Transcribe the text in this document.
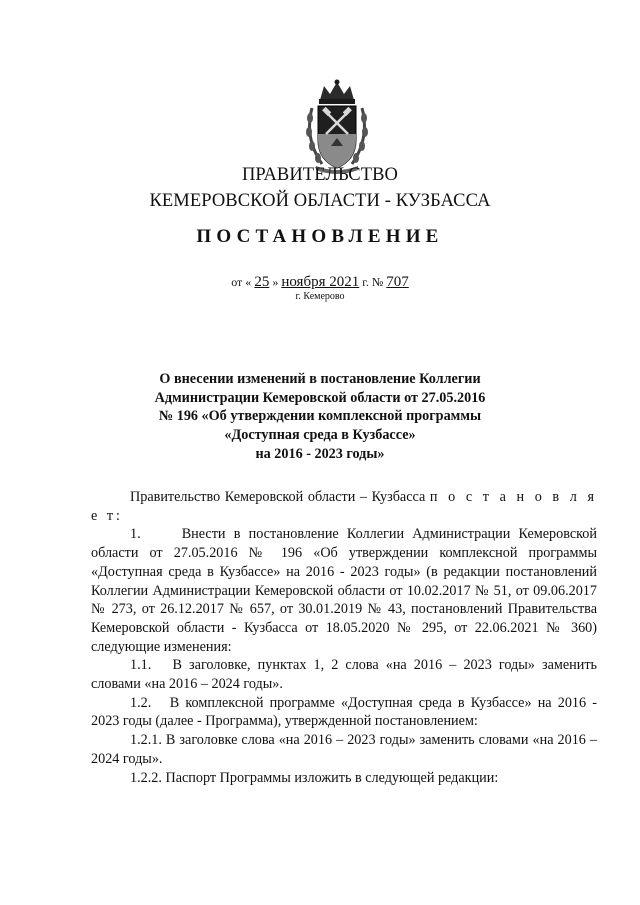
ПРАВИТЕЛЬСТВО
КЕМЕРОВСКОЙ ОБЛАСТИ - КУЗБАССА
ПОСТАНОВЛЕНИЕ
от « 25 » ноября 2021 г. № 707
г. Кемерово
О внесении изменений в постановление Коллегии
Администрации Кемеровской области от 27.05.2016
№ 196 «Об утверждении комплексной программы
«Доступная среда в Кузбассе»
на 2016 - 2023 годы»

Правительство Кемеровской области – Кузбасса п о с т а н о в л я е т:

1.     Внести в постановление Коллегии Администрации Кемеровской области от 27.05.2016 № 196 «Об утверждении комплексной программы «Доступная среда в Кузбассе» на 2016 - 2023 годы» (в редакции постановлений Коллегии Администрации Кемеровской области от 10.02.2017 № 51, от 09.06.2017 № 273, от 26.12.2017 № 657, от 30.01.2019 № 43, постановлений Правительства Кемеровской области - Кузбасса от 18.05.2020 № 295, от 22.06.2021 № 360) следующие изменения:

1.1.   В заголовке, пунктах 1, 2 слова «на 2016 – 2023 годы» заменить словами «на 2016 – 2024 годы».

1.2.   В комплексной программе «Доступная среда в Кузбассе» на 2016 - 2023 годы (далее - Программа), утвержденной постановлением:

1.2.1. В заголовке слова «на 2016 – 2023 годы» заменить словами «на 2016 – 2024 годы».

1.2.2. Паспорт Программы изложить в следующей редакции:
